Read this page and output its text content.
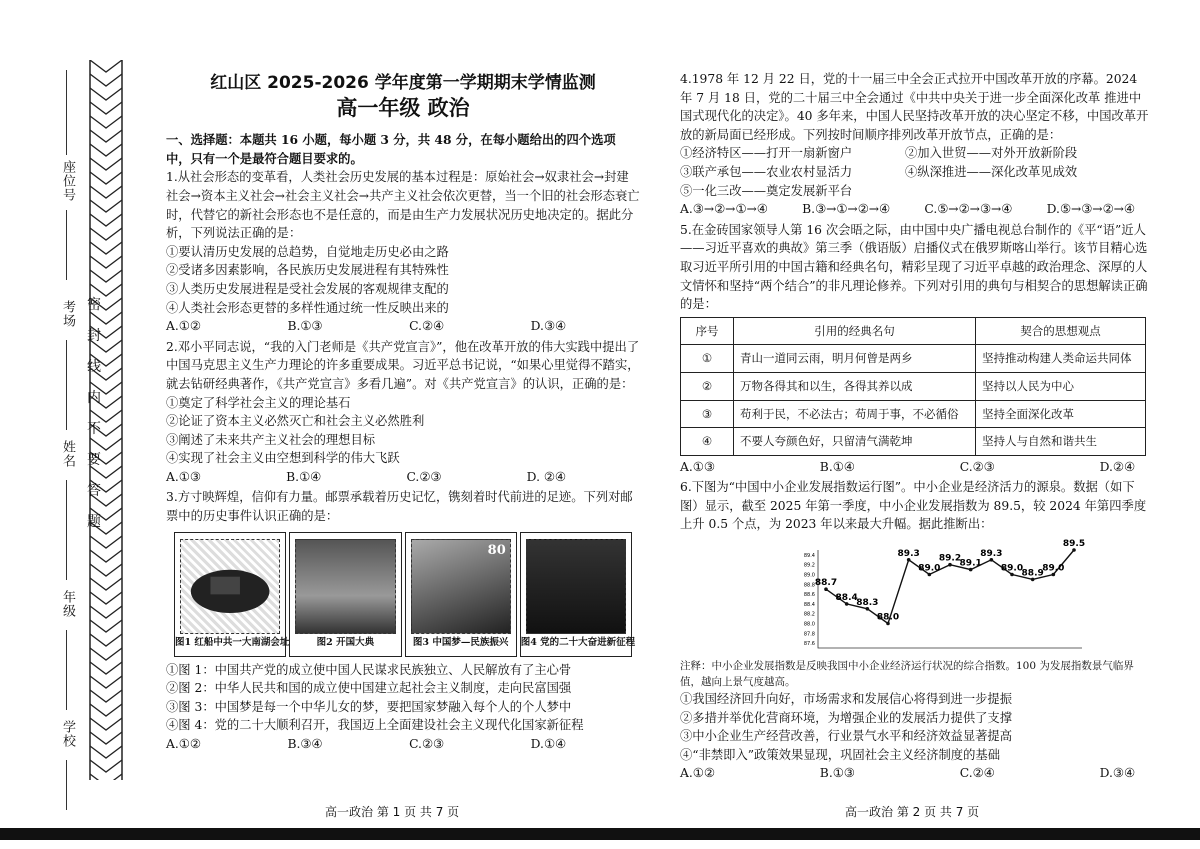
座位号
考场
姓名
年级
学校
密
封
线
内
不
要
答
题
红山区 2025-2026 学年度第一学期期末学情监测
高一年级 政治

一、选择题：本题共 16 小题，每小题 3 分，共 48 分，在每小题给出的四个选项中，只有一个是最符合题目要求的。

1.从社会形态的变革看，人类社会历史发展的基本过程是：原始社会→奴隶社会→封建社会→资本主义社会→社会主义社会→共产主义社会依次更替，当一个旧的社会形态衰亡时，代替它的新社会形态也不是任意的，而是由生产力发展状况历史地决定的。据此分析，下列说法正确的是：

①要认清历史发展的总趋势，自觉地走历史必由之路

②受诸多因素影响，各民族历史发展进程有其特殊性

③人类历史发展进程是受社会发展的客观规律支配的

④人类社会形态更替的多样性通过统一性反映出来的

A.①②	B.①③	C.②④	D.③④

2.邓小平同志说，“我的入门老师是《共产党宣言》”，他在改革开放的伟大实践中提出了中国马克思主义生产力理论的许多重要成果。习近平总书记说，“如果心里觉得不踏实，就去钻研经典著作，《共产党宣言》多看几遍”。对《共产党宣言》的认识，正确的是：

①奠定了科学社会主义的理论基石

②论证了资本主义必然灭亡和社会主义必然胜利

③阐述了未来共产主义社会的理想目标

④实现了社会主义由空想到科学的伟大飞跃

A.①③	B.①④	C.②③	D. ②④

3.方寸映辉煌，信仰有力量。邮票承载着历史记忆，镌刻着时代前进的足迹。下列对邮票中的历史事件认识正确的是：

图1 红船中共一大南湖会址	图2 开国大典
80
图3 中国梦—民族振兴	图4 党的二十大奋进新征程

①图 1：中国共产党的成立使中国人民谋求民族独立、人民解放有了主心骨

②图 2：中华人民共和国的成立使中国建立起社会主义制度，走向民富国强

③图 3：中国梦是每一个中华儿女的梦，要把国家梦融入每个人的个人梦中

④图 4：党的二十大顺利召开，我国迈上全面建设社会主义现代化国家新征程

A.①②	B.③④	C.②③	D.①④
高一政治 第 1 页 共 7 页

4.1978 年 12 月 22 日，党的十一届三中全会正式拉开中国改革开放的序幕。2024 年 7 月 18 日，党的二十届三中全会通过《中共中央关于进一步全面深化改革 推进中国式现代化的决定》。40 多年来，中国人民坚持改革开放的决心坚定不移，中国改革开放的新局面已经形成。下列按时间顺序排列改革开放节点，正确的是：

①经济特区——打开一扇新窗户	②加入世贸——对外开放新阶段
③联产承包——农业农村显活力	④纵深推进——深化改革见成效
⑤一化三改——奠定发展新平台
A.③→②→①→④	B.③→①→②→④	C.⑤→②→③→④	D.⑤→③→②→④

5.在金砖国家领导人第 16 次会晤之际，由中国中央广播电视总台制作的《平“语”近人——习近平喜欢的典故》第三季（俄语版）启播仪式在俄罗斯喀山举行。该节目精心选取习近平所引用的中国古籍和经典名句，精彩呈现了习近平卓越的政治理念、深厚的人文情怀和坚持“两个结合”的非凡理论修养。下列对引用的典句与相契合的思想解读正确的是：

序号	引用的经典名句	契合的思想观点
①	青山一道同云雨，明月何曾是两乡	坚持推动构建人类命运共同体
②	万物各得其和以生，各得其养以成	坚持以人民为中心
③	苟利于民，不必法古；苟周于事，不必循俗	坚持全面深化改革
④	不要人夸颜色好，只留清气满乾坤	坚持人与自然和谐共生
A.①③	B.①④	C.②③	D.②④

6.下图为“中国中小企业发展指数运行图”。中小企业是经济活力的源泉。数据（如下图）显示，截至 2025 年第一季度，中小企业发展指数为 89.5，较 2024 年第四季度上升 0.5 个点，为 2023 年以来最大升幅。据此推断出：

89.4
89.2
89.0
88.8
88.6
88.4
88.2
88.0
87.8
87.6
88.7
88.4
88.3
88.0
89.3
89.0
89.2
89.1
89.3
89.0
88.9
89.0
89.5

注释：中小企业发展指数是反映我国中小企业经济运行状况的综合指数。100 为发展指数景气临界值，越向上景气度越高。

①我国经济回升向好，市场需求和发展信心将得到进一步提振

②多措并举优化营商环境，为增强企业的发展活力提供了支撑

③中小企业生产经营改善，行业景气水平和经济效益显著提高

④“非禁即入”政策效果显现，巩固社会主义经济制度的基础

A.①②	B.①③	C.②④	D.③④
高一政治 第 2 页 共 7 页
